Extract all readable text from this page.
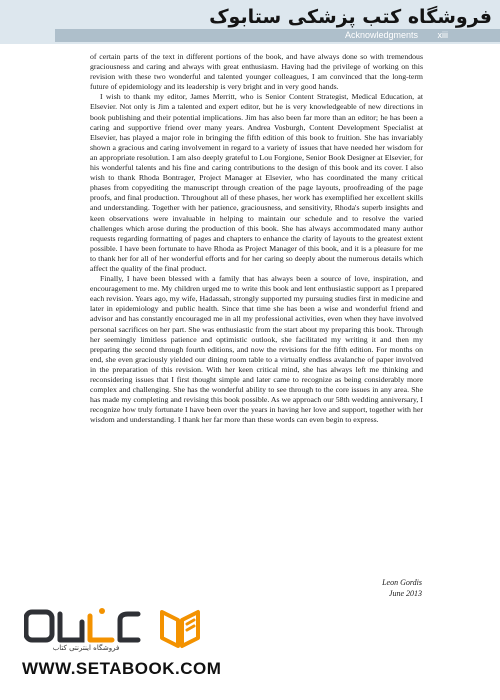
Acknowledgments xiii
فروشگاه کتب پزشکی ستابوک

of certain parts of the text in different portions of the book, and have always done so with tremendous graciousness and caring and always with great enthusiasm. Having had the privilege of working on this revision with these two wonderful and talented younger colleagues, I am convinced that the long-term future of epidemiology and its leadership is very bright and in very good hands.

I wish to thank my editor, James Merritt, who is Senior Content Strategist, Medical Education, at Elsevier. Not only is Jim a talented and expert editor, but he is very knowledgeable of new directions in book publishing and their potential implications. Jim has also been far more than an editor; he has been a caring and supportive friend over many years. Andrea Vosburgh, Content Development Specialist at Elsevier, has played a major role in bringing the fifth edition of this book to fruition. She has invariably shown a gracious and caring involvement in regard to a variety of issues that have needed her wisdom for an appropriate resolution. I am also deeply grateful to Lou Forgione, Senior Book Designer at Elsevier, for his wonderful talents and his fine and caring contributions to the design of this book and its cover. I also wish to thank Rhoda Bontrager, Project Manager at Elsevier, who has coordinated the many critical phases from copyediting the manuscript through creation of the page layouts, proofreading of the page proofs, and final production. Throughout all of these phases, her work has exemplified her excellent skills and understanding. Together with her patience, graciousness, and sensitivity, Rhoda's superb insights and keen observations were invaluable in helping to maintain our schedule and to resolve the varied challenges which arose during the production of this book. She has always accommodated many author requests regarding formatting of pages and chapters to enhance the clarity of layouts to the greatest extent possible. I have been fortunate to have Rhoda as Project Manager of this book, and it is a pleasure for me to thank her for all of her wonderful efforts and for her caring so deeply about the numerous details which affect the quality of the final product.

Finally, I have been blessed with a family that has always been a source of love, inspiration, and encouragement to me. My children urged me to write this book and lent enthusiastic support as I prepared each revision. Years ago, my wife, Hadassah, strongly supported my pursuing studies first in medicine and later in epidemiology and public health. Since that time she has been a wise and wonderful friend and advisor and has constantly encouraged me in all my professional activities, even when they have involved personal sacrifices on her part. She was enthusiastic from the start about my preparing this book. Through her seemingly limitless patience and optimistic outlook, she facilitated my writing it and then my preparing the second through fourth editions, and now the revisions for the fifth edition. For months on end, she even graciously yielded our dining room table to a virtually endless avalanche of paper involved in the preparation of this revision. With her keen critical mind, she has always left me thinking and reconsidering issues that I first thought simple and later came to recognize as being considerably more complex and challenging. She has the wonderful ability to see through to the core issues in any area. She has made my completing and revising this book possible. As we approach our 58th wedding anniversary, I recognize how truly fortunate I have been over the years in having her love and support, together with her wisdom and understanding. I thank her far more than these words can even begin to express.

Leon Gordis
June 2013
فروشگاه اینترنتی کتاب
WWW.SETABOOK.COM
